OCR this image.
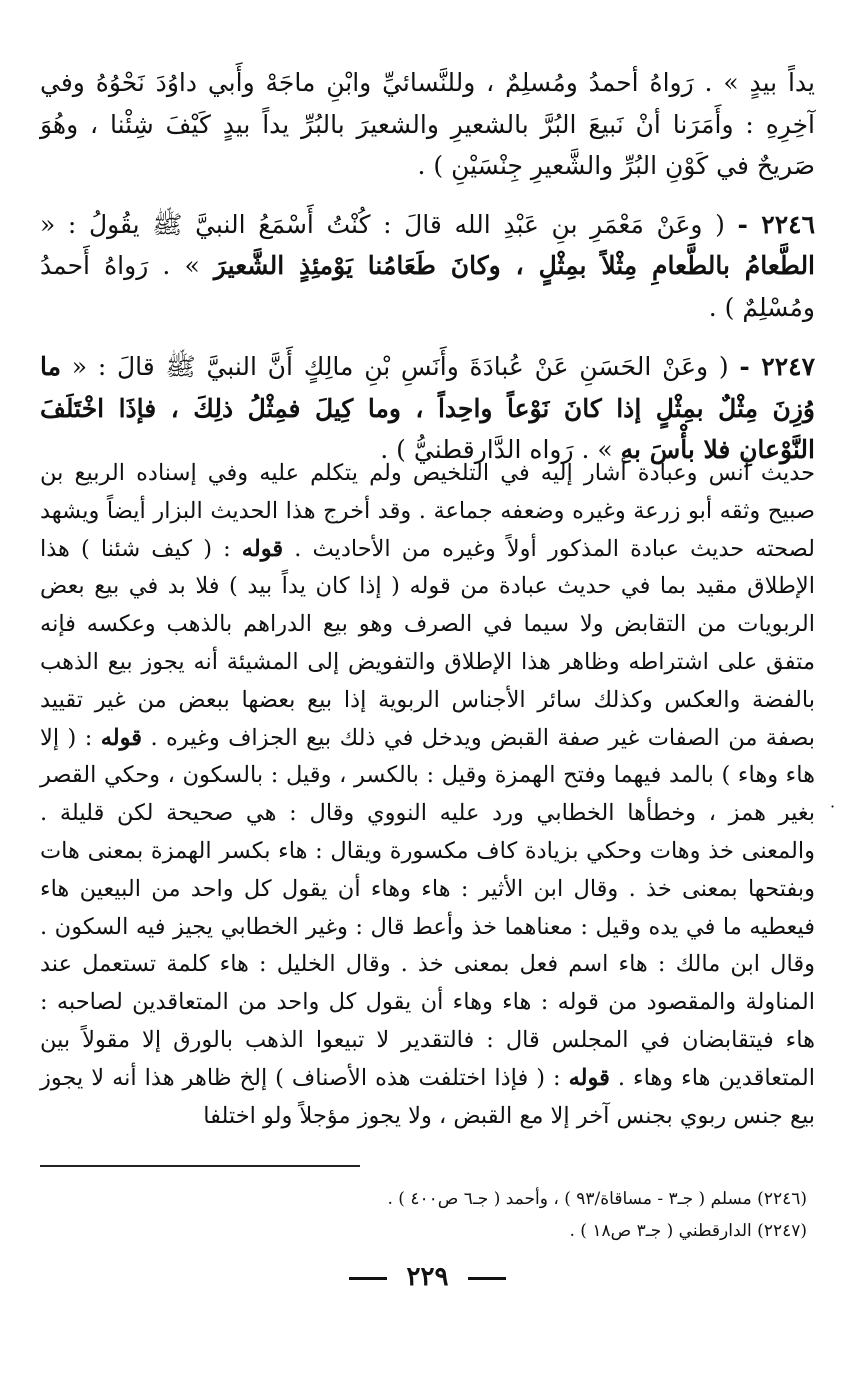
يداً بيدٍ » . رَواهُ أحمدُ ومُسلِمٌ ، وللنَّسائيِّ وابْنِ ماجَهْ وأَبي داوُدَ نَحْوُهُ وفي آخِرِهِ : وأَمَرَنا أنْ نَبيعَ البُرَّ بالشعيرِ والشعيرَ بالبُرِّ يداً بيدٍ كَيْفَ شِئْنا ، وهُوَ صَريحٌ في كَوْنِ البُرِّ والشَّعيرِ جِنْسَيْنِ ) .

٢٢٤٦ - ( وعَنْ مَعْمَرِ بنِ عَبْدِ الله قالَ : كُنْتُ أَسْمَعُ النبيَّ ﷺ يقُولُ : « الطَّعامُ بالطَّعامِ مِثْلاً بمِثْلٍ ، وكانَ طَعَامُنا يَوْمئِذٍ الشَّعيرَ » . رَواهُ أَحمدُ ومُسْلِمٌ ) .

٢٢٤٧ - ( وعَنْ الحَسَنِ عَنْ عُبادَةَ وأَنَسِ بْنِ مالِكٍ أَنَّ النبيَّ ﷺ قالَ : « ما وُزِنَ مِثْلٌ بمِثْلٍ إذا كانَ نَوْعاً واحِداً ، وما كِيلَ فمِثْلُ ذلِكَ ، فإذَا اخْتَلَفَ النَّوْعانِ فلا بأْسَ بهِ » . رَواه الدَّارقطنيُّ ) .

حديث أنس وعبادة أشار إليه في التلخيص ولم يتكلم عليه وفي إسناده الربيع بن صبيح وثقه أبو زرعة وغيره وضعفه جماعة . وقد أخرج هذا الحديث البزار أيضاً ويشهد لصحته حديث عبادة المذكور أولاً وغيره من الأحاديث . قوله : ( كيف شئنا ) هذا الإطلاق مقيد بما في حديث عبادة من قوله ( إذا كان يداً بيد ) فلا بد في بيع بعض الربويات من التقابض ولا سيما في الصرف وهو بيع الدراهم بالذهب وعكسه فإنه متفق على اشتراطه وظاهر هذا الإطلاق والتفويض إلى المشيئة أنه يجوز بيع الذهب بالفضة والعكس وكذلك سائر الأجناس الربوية إذا بيع بعضها ببعض من غير تقييد بصفة من الصفات غير صفة القبض ويدخل في ذلك بيع الجزاف وغيره . قوله : ( إلا هاء وهاء ) بالمد فيهما وفتح الهمزة وقيل : بالكسر ، وقيل : بالسكون ، وحكي القصر بغير همز ، وخطأها الخطابي ورد عليه النووي وقال : هي صحيحة لكن قليلة . والمعنى خذ وهات وحكي بزيادة كاف مكسورة ويقال : هاء بكسر الهمزة بمعنى هات وبفتحها بمعنى خذ . وقال ابن الأثير : هاء وهاء أن يقول كل واحد من البيعين هاء فيعطيه ما في يده وقيل : معناهما خذ وأعط قال : وغير الخطابي يجيز فيه السكون . وقال ابن مالك : هاء اسم فعل بمعنى خذ . وقال الخليل : هاء كلمة تستعمل عند المناولة والمقصود من قوله : هاء وهاء أن يقول كل واحد من المتعاقدين لصاحبه : هاء فيتقابضان في المجلس قال : فالتقدير لا تبيعوا الذهب بالورق إلا مقولاً بين المتعاقدين هاء وهاء . قوله : ( فإذا اختلفت هذه الأصناف ) إلخ ظاهر هذا أنه لا يجوز بيع جنس ربوي بجنس آخر إلا مع القبض ، ولا يجوز مؤجلاً ولو اختلفا

·
(٢٢٤٦) مسلم ( جـ٣ - مساقاة/٩٣ ) ، وأحمد ( جـ٦ ص٤٠٠ ) .
(٢٢٤٧) الدارقطني ( جـ٣ ص١٨ ) .
٢٢٩
